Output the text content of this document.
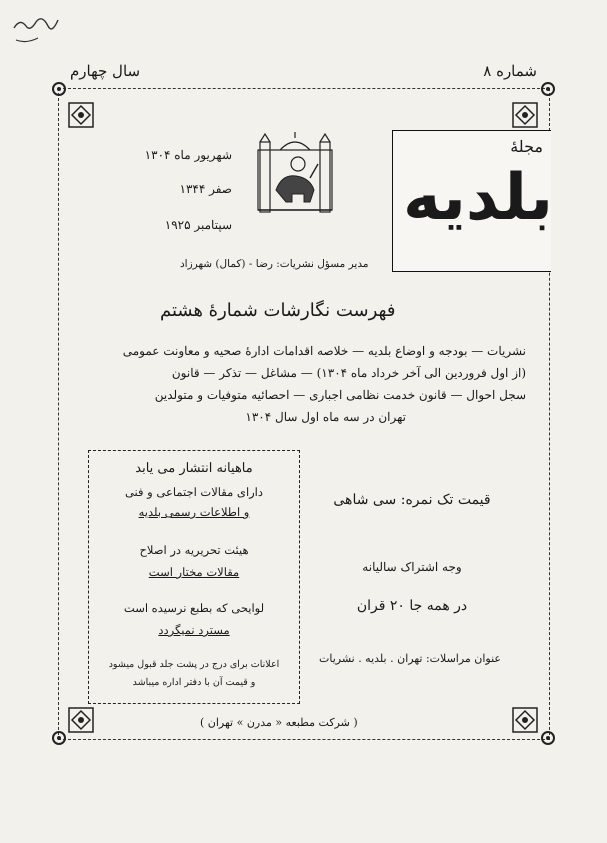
شماره ۸
سال چهارم
مجلهٔ
بلدیه
شهریور ماه ۱۳۰۴
صفر ۱۳۴۴
سپتامبر ۱۹۲۵
مدیر مسؤل نشریات: رضا - (کمال) شهرزاد
فهرست نگارشات شمارهٔ هشتم
نشریات — بودجه و اوضاع بلدیه — خلاصه اقدامات ادارهٔ صحیه و معاونت عمومی
(از اول فروردین الی آخر خرداد ماه ۱۳۰۴) — مشاغل — تذکر — قانون
سجل احوال — قانون خدمت نظامی اجباری — احصائیه متوفیات و متولدین
تهران در سه ماه اول سال ۱۳۰۴
ماهیانه انتشار می یابد
دارای مقالات اجتماعی و فنی
و اطلاعات رسمی بلدیه
هیئت تحریریه در اصلاح
مقالات مختار است
لوایحی که بطبع نرسیده است
مسترد نمیگردد
اعلانات برای درج در پشت جلد قبول میشود
و قیمت آن با دفتر اداره میباشد
قیمت تک نمره: سی شاهی
وجه اشتراک سالیانه
در همه جا ۲۰ قران
عنوان مراسلات: تهران . بلدیه . نشریات
( شرکت مطبعه « مدرن » تهران )
